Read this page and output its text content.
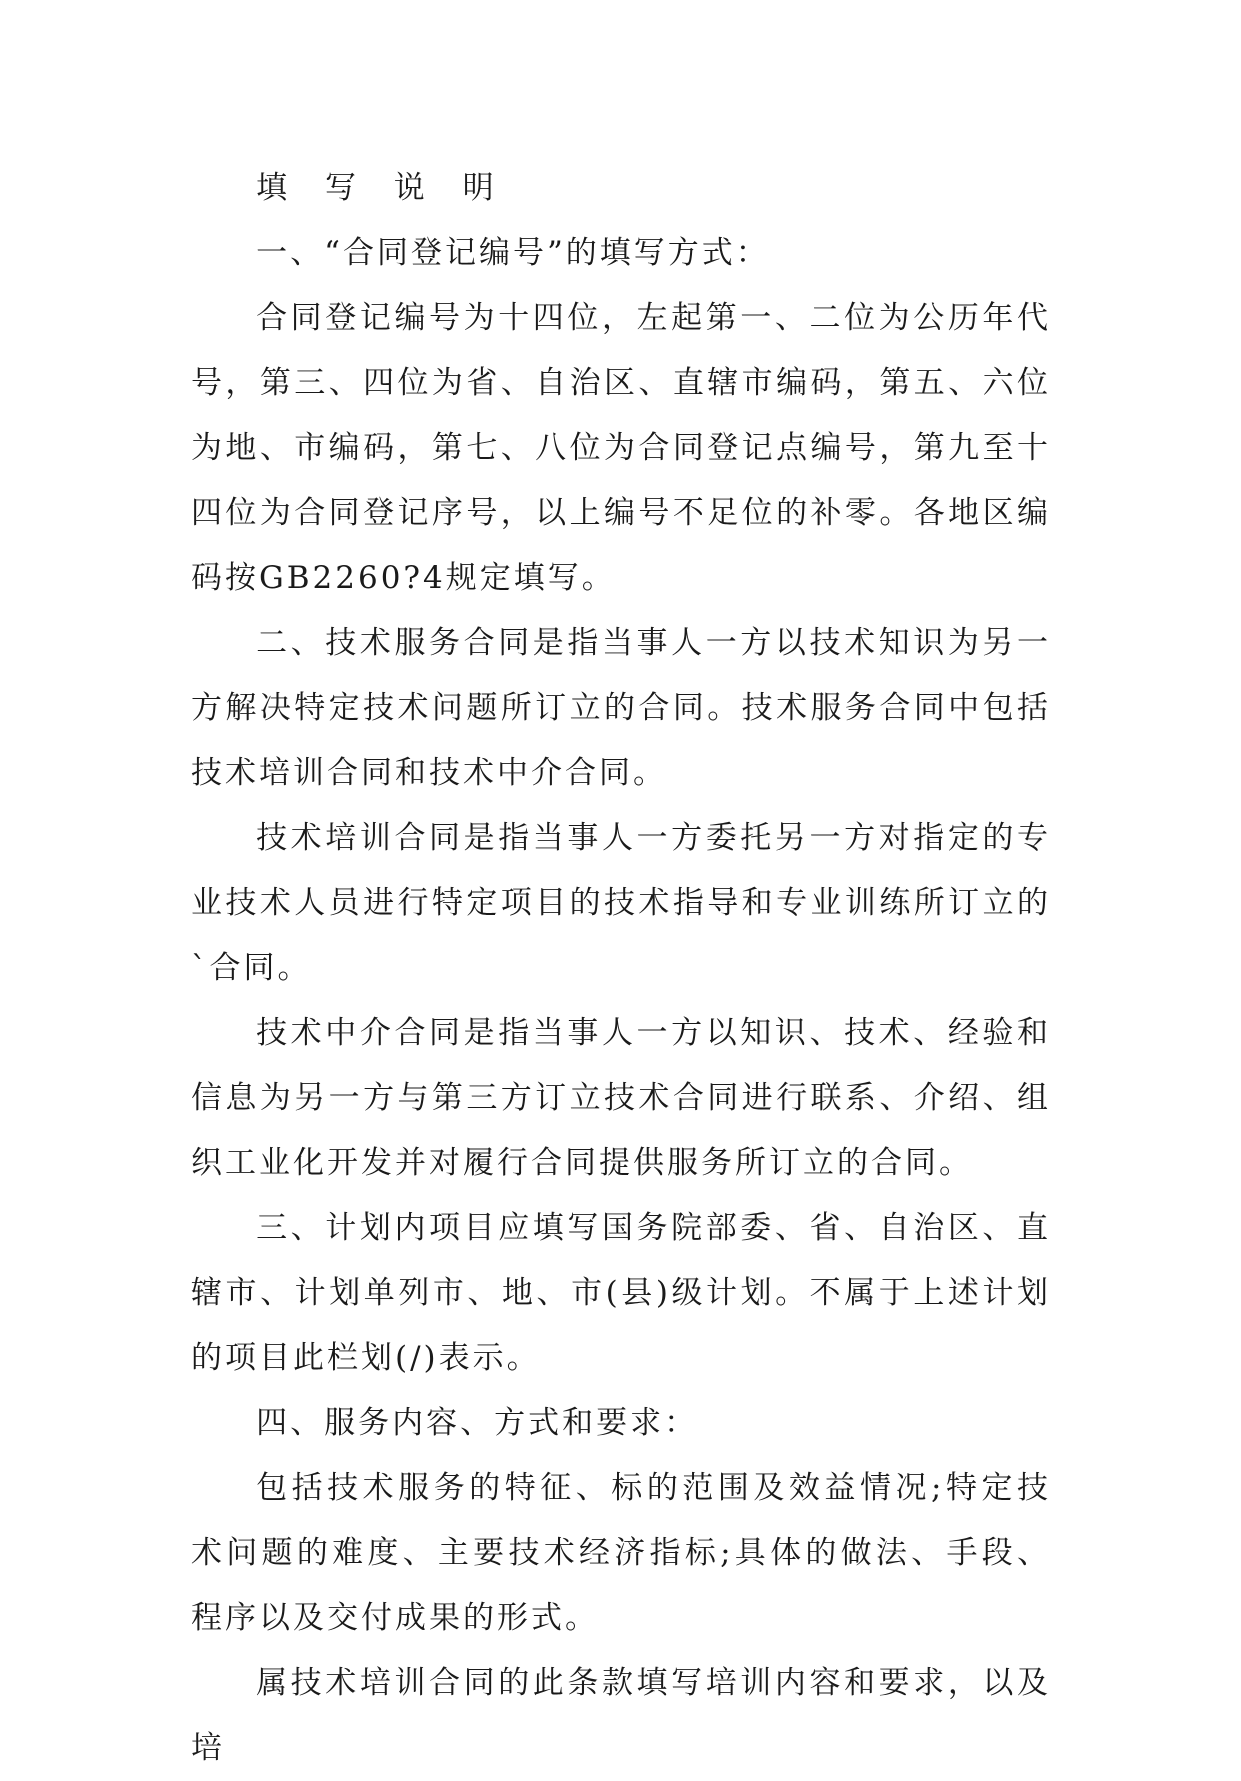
填 写 说 明

一、“合同登记编号”的填写方式：

合同登记编号为十四位，左起第一、二位为公历年代号，第三、四位为省、自治区、直辖市编码，第五、六位为地、市编码，第七、八位为合同登记点编号，第九至十四位为合同登记序号，以上编号不足位的补零。各地区编码按GB2260?4规定填写。

二、技术服务合同是指当事人一方以技术知识为另一方解决特定技术问题所订立的合同。技术服务合同中包括技术培训合同和技术中介合同。

技术培训合同是指当事人一方委托另一方对指定的专业技术人员进行特定项目的技术指导和专业训练所订立的`合同。

技术中介合同是指当事人一方以知识、技术、经验和信息为另一方与第三方订立技术合同进行联系、介绍、组织工业化开发并对履行合同提供服务所订立的合同。

三、计划内项目应填写国务院部委、省、自治区、直辖市、计划单列市、地、市(县)级计划。不属于上述计划的项目此栏划(/)表示。

四、服务内容、方式和要求：

包括技术服务的特征、标的范围及效益情况;特定技术问题的难度、主要技术经济指标;具体的做法、手段、程序以及交付成果的形式。

属技术培训合同的此条款填写培训内容和要求，以及培
